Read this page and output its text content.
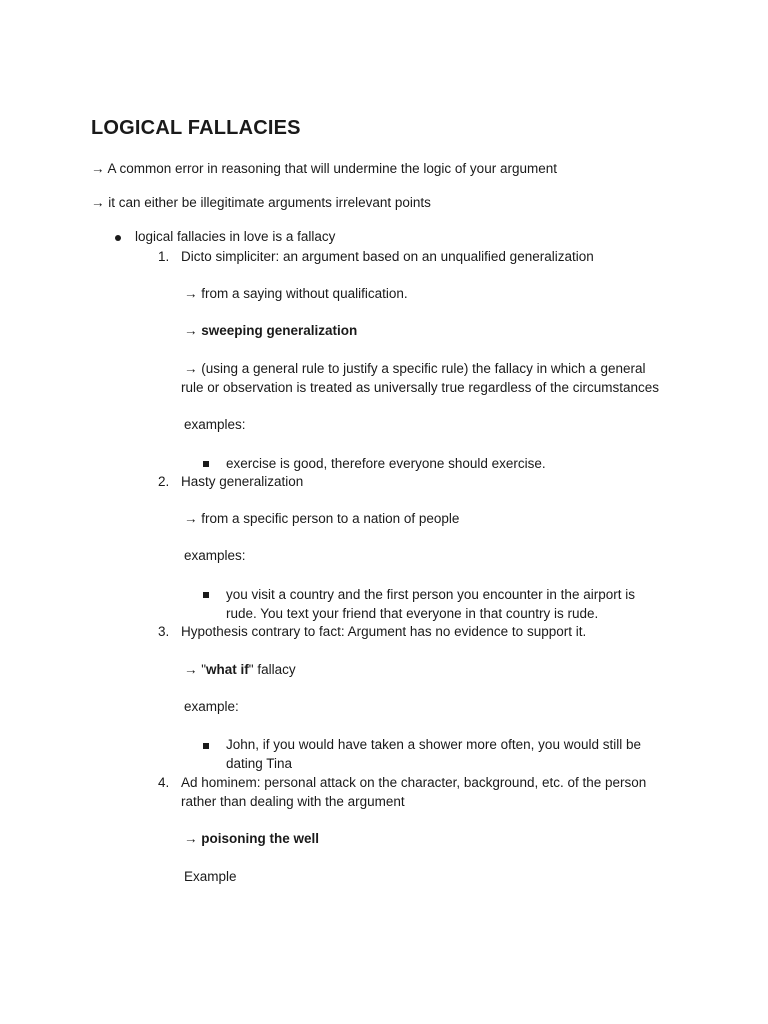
LOGICAL FALLACIES
→ A common error in reasoning that will undermine the logic of your argument
→ it can either be illegitimate arguments irrelevant points
logical fallacies in love is a fallacy
1. Dicto simpliciter: an argument based on an unqualified generalization
→ from a saying without qualification.
→ sweeping generalization
→ (using a general rule to justify a specific rule) the fallacy in which a general
rule or observation is treated as universally true regardless of the circumstances
examples:
exercise is good, therefore everyone should exercise.
2. Hasty generalization
→ from a specific person to a nation of people
examples:
you visit a country and the first person you encounter in the airport is
rude. You text your friend that everyone in that country is rude.
3. Hypothesis contrary to fact: Argument has no evidence to support it.
→ "what if" fallacy
example:
John, if you would have taken a shower more often, you would still be
dating Tina
4. Ad hominem: personal attack on the character, background, etc. of the person
rather than dealing with the argument
→ poisoning the well
Example
